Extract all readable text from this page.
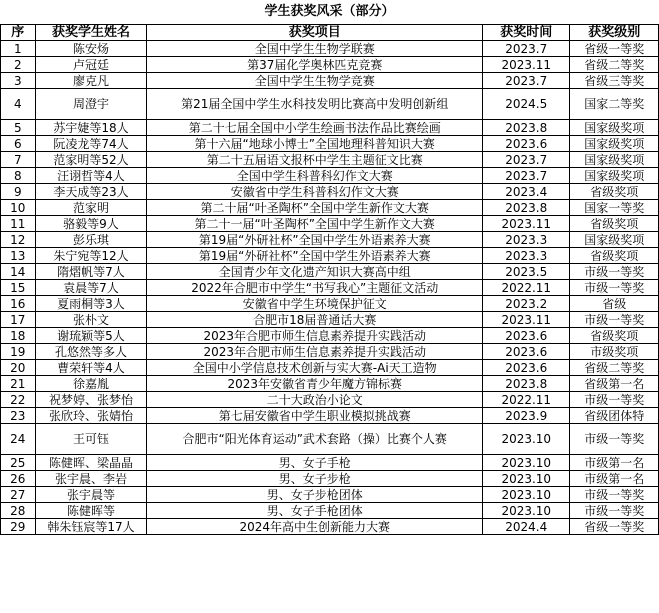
学生获奖风采（部分）
序	获奖学生姓名	获奖项目	获奖时间	获奖级别
1	陈安炀	全国中学生生物学联赛	2023.7	省级一等奖
2	卢冠廷	第37届化学奥林匹克竞赛	2023.11	省级二等奖
3	廖克凡	全国中学生生物学竞赛	2023.7	省级三等奖
4	周澄宇	第21届全国中学生水科技发明比赛高中发明创新组	2024.5	国家二等奖
5	苏宇婕等18人	第二十七届全国中小学生绘画书法作品比赛绘画	2023.8	国家级奖项
6	阮凌龙等74人	第十六届“地球小博士”全国地理科普知识大赛	2023.6	国家级奖项
7	范家明等52人	第二十五届语文报杯中学生主题征文比赛	2023.7	国家级奖项
8	汪诩哲等4人	全国中学生科普科幻作文大赛	2023.7	国家级奖项
9	李天成等23人	安徽省中学生科普科幻作文大赛	2023.4	省级奖项
10	范家明	第二十届“叶圣陶杯”全国中学生新作文大赛	2023.8	国家一等奖
11	骆毅等9人	第二十一届“叶圣陶杯”全国中学生新作文大赛	2023.11	省级奖项
12	彭乐琪	第19届“外研社杯”全国中学生外语素养大赛	2023.3	国家级奖项
13	朱宁宛等12人	第19届“外研社杯”全国中学生外语素养大赛	2023.3	省级奖项
14	隋熠帆等7人	全国青少年文化遗产知识大赛高中组	2023.5	市级一等奖
15	袁晨等7人	2022年合肥市中学生“书写我心”主题征文活动	2022.11	市级一等奖
16	夏雨桐等3人	安徽省中学生环境保护征文	2023.2	省级
17	张朴文	合肥市18届普通话大赛	2023.11	市级一等奖
18	谢琉颖等5人	2023年合肥市师生信息素养提升实践活动	2023.6	省级奖项
19	孔悠然等多人	2023年合肥市师生信息素养提升实践活动	2023.6	市级奖项
20	曹荣轩等4人	全国中小学信息技术创新与实大赛-Ai天工造物	2023.6	省级二等奖
21	徐嘉胤	2023年安徽省青少年魔方锦标赛	2023.8	省级第一名
22	祝梦婷、张梦怡	二十大政治小论文	2022.11	市级一等奖
23	张欣玲、张婧怡	第七届安徽省中学生职业模拟挑战赛	2023.9	省级团体特
24	王可钰	合肥市“阳光体育运动”武术套路（操）比赛个人赛	2023.10	市级一等奖
25	陈健晖、梁晶晶	男、女子手枪	2023.10	市级第一名
26	张宇晨、李岩	男、女子步枪	2023.10	市级第一名
27	张宇晨等	男、女子步枪团体	2023.10	市级一等奖
28	陈健晖等	男、女子手枪团体	2023.10	市级一等奖
29	韩朱钰宸等17人	2024年高中生创新能力大赛	2024.4	省级一等奖
